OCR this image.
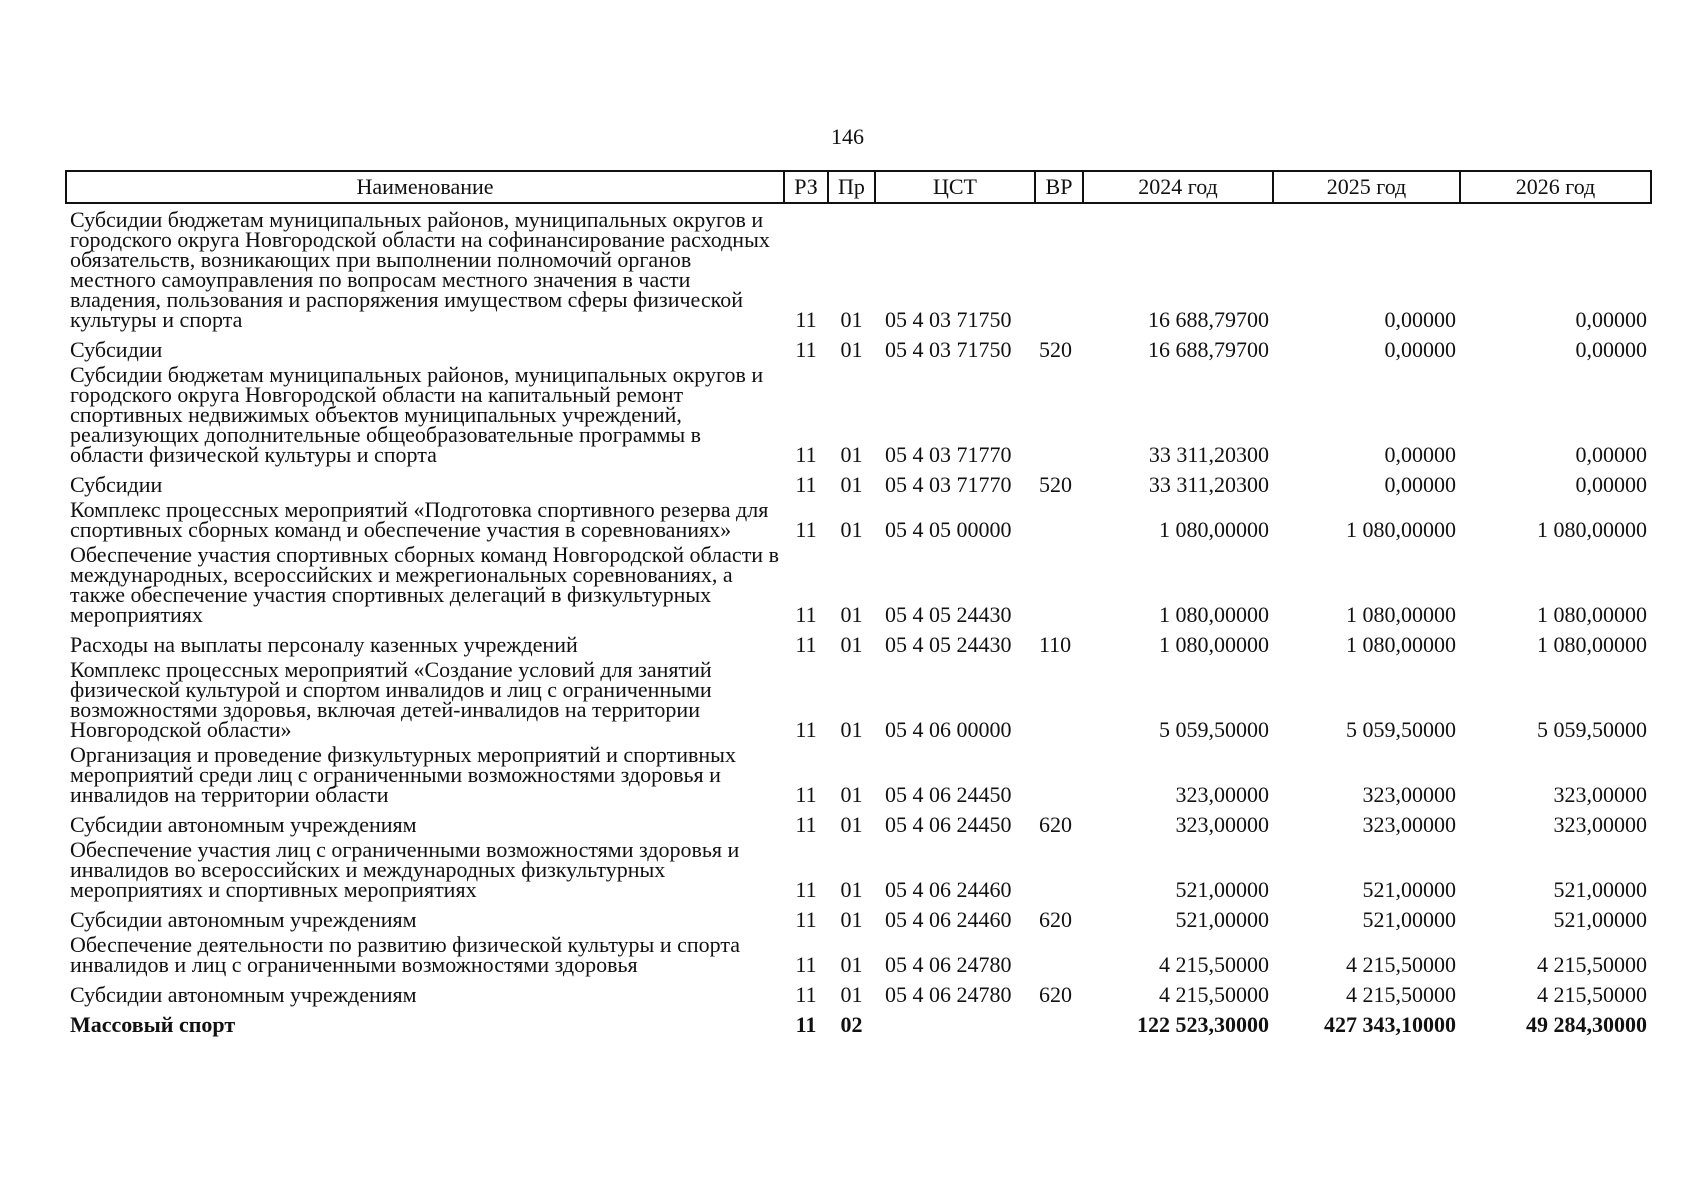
146
Наименование	РЗ	Пр	ЦСТ	ВР	2024 год	2025 год	2026 год
Субсидии бюджетам муниципальных районов, муниципальных округов и городского округа Новгородской области на софинансирование расходных обязательств, возникающих при выполнении полномочий органов местного самоуправления по вопросам местного значения в части владения, пользования и распоряжения имуществом сферы физической культуры и спорта	11	01	05 4 03 71750		16 688,79700	0,00000	0,00000
Субсидии	11	01	05 4 03 71750	520	16 688,79700	0,00000	0,00000
Субсидии бюджетам муниципальных районов, муниципальных округов и городского округа Новгородской области на капитальный ремонт спортивных недвижимых объектов муниципальных учреждений, реализующих дополнительные общеобразовательные программы в области физической культуры и спорта	11	01	05 4 03 71770		33 311,20300	0,00000	0,00000
Субсидии	11	01	05 4 03 71770	520	33 311,20300	0,00000	0,00000
Комплекс процессных мероприятий «Подготовка спортивного резерва для спортивных сборных команд и обеспечение участия в соревнованиях»	11	01	05 4 05 00000		1 080,00000	1 080,00000	1 080,00000
Обеспечение участия спортивных сборных команд Новгородской области в международных, всероссийских и межрегиональных соревнованиях, а также обеспечение участия спортивных делегаций в физкультурных мероприятиях	11	01	05 4 05 24430		1 080,00000	1 080,00000	1 080,00000
Расходы на выплаты персоналу казенных учреждений	11	01	05 4 05 24430	110	1 080,00000	1 080,00000	1 080,00000
Комплекс процессных мероприятий «Создание условий для занятий физической культурой и спортом инвалидов и лиц с ограниченными возможностями здоровья, включая детей-инвалидов на территории Новгородской области»	11	01	05 4 06 00000		5 059,50000	5 059,50000	5 059,50000
Организация и проведение физкультурных мероприятий и спортивных мероприятий среди лиц с ограниченными возможностями здоровья и инвалидов на территории области	11	01	05 4 06 24450		323,00000	323,00000	323,00000
Субсидии автономным учреждениям	11	01	05 4 06 24450	620	323,00000	323,00000	323,00000
Обеспечение участия лиц с ограниченными возможностями здоровья и инвалидов во всероссийских и международных физкультурных мероприятиях и спортивных мероприятиях	11	01	05 4 06 24460		521,00000	521,00000	521,00000
Субсидии автономным учреждениям	11	01	05 4 06 24460	620	521,00000	521,00000	521,00000
Обеспечение деятельности по развитию физической культуры и спорта инвалидов и лиц с ограниченными возможностями здоровья	11	01	05 4 06 24780		4 215,50000	4 215,50000	4 215,50000
Субсидии автономным учреждениям	11	01	05 4 06 24780	620	4 215,50000	4 215,50000	4 215,50000
Массовый спорт	11	02			122 523,30000	427 343,10000	49 284,30000
